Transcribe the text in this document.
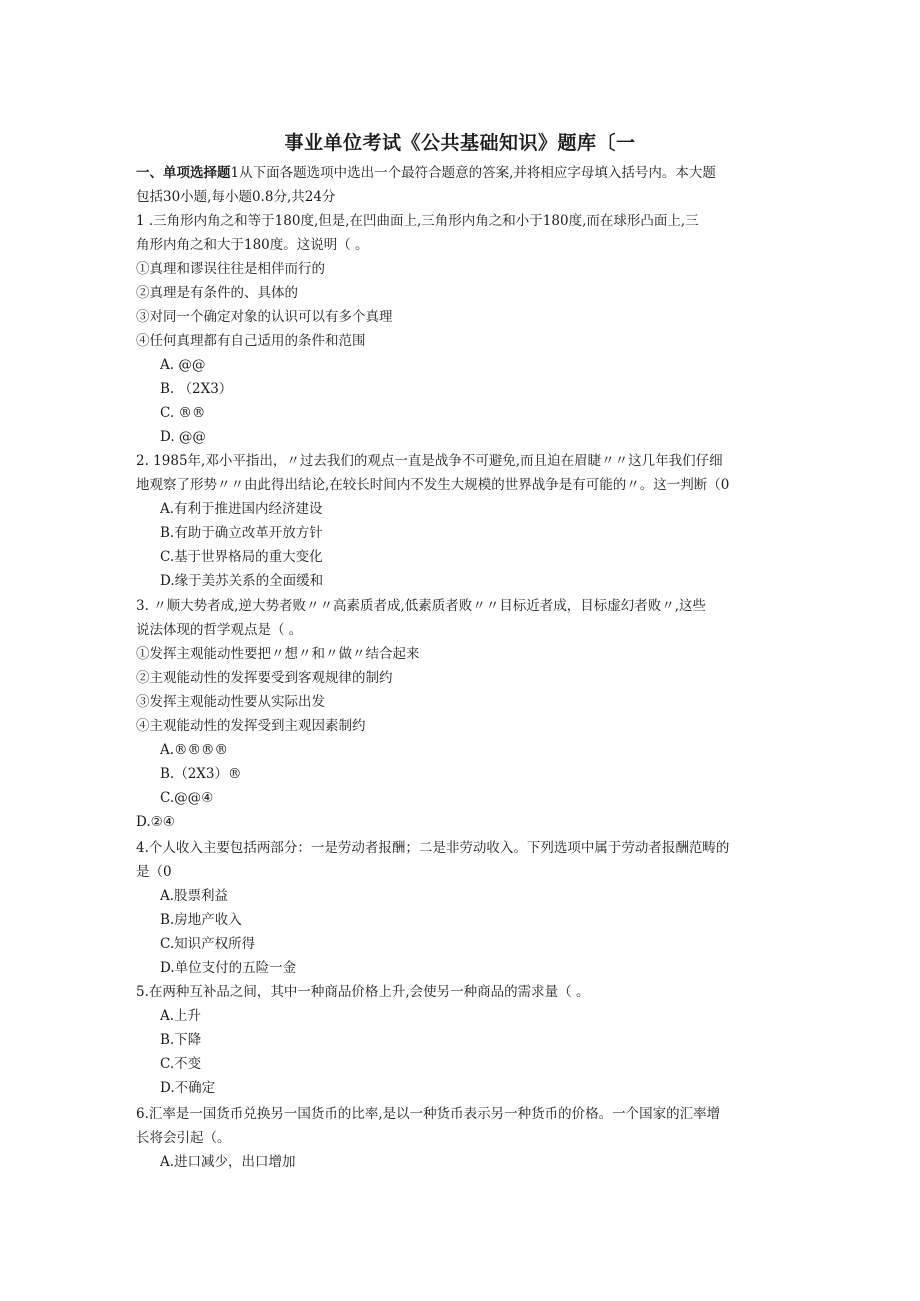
事业单位考试《公共基础知识》题库〔一
一、单项选择题1从下面各题选项中选出一个最符合题意的答案,并将相应字母填入括号内。本大题
包括30小题,每小题0.8分,共24分
1 .三角形内角之和等于180度,但是,在凹曲面上,三角形内角之和小于180度,而在球形凸面上,三
角形内角之和大于180度。这说明（ 。
①真理和谬误往往是相伴而行的
②真理是有条件的、具体的
③对同一个确定对象的认识可以有多个真理
④任何真理都有自己适用的条件和范围
A. @@
B. （2X3）
C. ®®
D. @@
2. 1985年,邓小平指出，〃过去我们的观点一直是战争不可避免,而且迫在眉睫〃〃这几年我们仔细
地观察了形势〃〃由此得出结论,在较长时间内不发生大规模的世界战争是有可能的〃。这一判断（0
A.有利于推进国内经济建设
B.有助于确立改革开放方针
C.基于世界格局的重大变化
D.缘于美苏关系的全面缓和
3. 〃顺大势者成,逆大势者败〃〃高素质者成,低素质者败〃〃目标近者成，目标虚幻者败〃,这些
说法体现的哲学观点是（ 。
①发挥主观能动性要把〃想〃和〃做〃结合起来
②主观能动性的发挥要受到客观规律的制约
③发挥主观能动性要从实际出发
④主观能动性的发挥受到主观因素制约
A.®®®®
B.（2X3）®
C.@@④
D.②④
4.个人收入主要包括两部分：一是劳动者报酬；二是非劳动收入。下列选项中属于劳动者报酬范畴的
是（0
A.股票利益
B.房地产收入
C.知识产权所得
D.单位支付的五险一金
5.在两种互补品之间，其中一种商品价格上升,会使另一种商品的需求量（ 。
A.上升
B.下降
C.不变
D.不确定
6.汇率是一国货币兑换另一国货币的比率,是以一种货币表示另一种货币的价格。一个国家的汇率增
长将会引起（。
A.进口减少，出口增加
